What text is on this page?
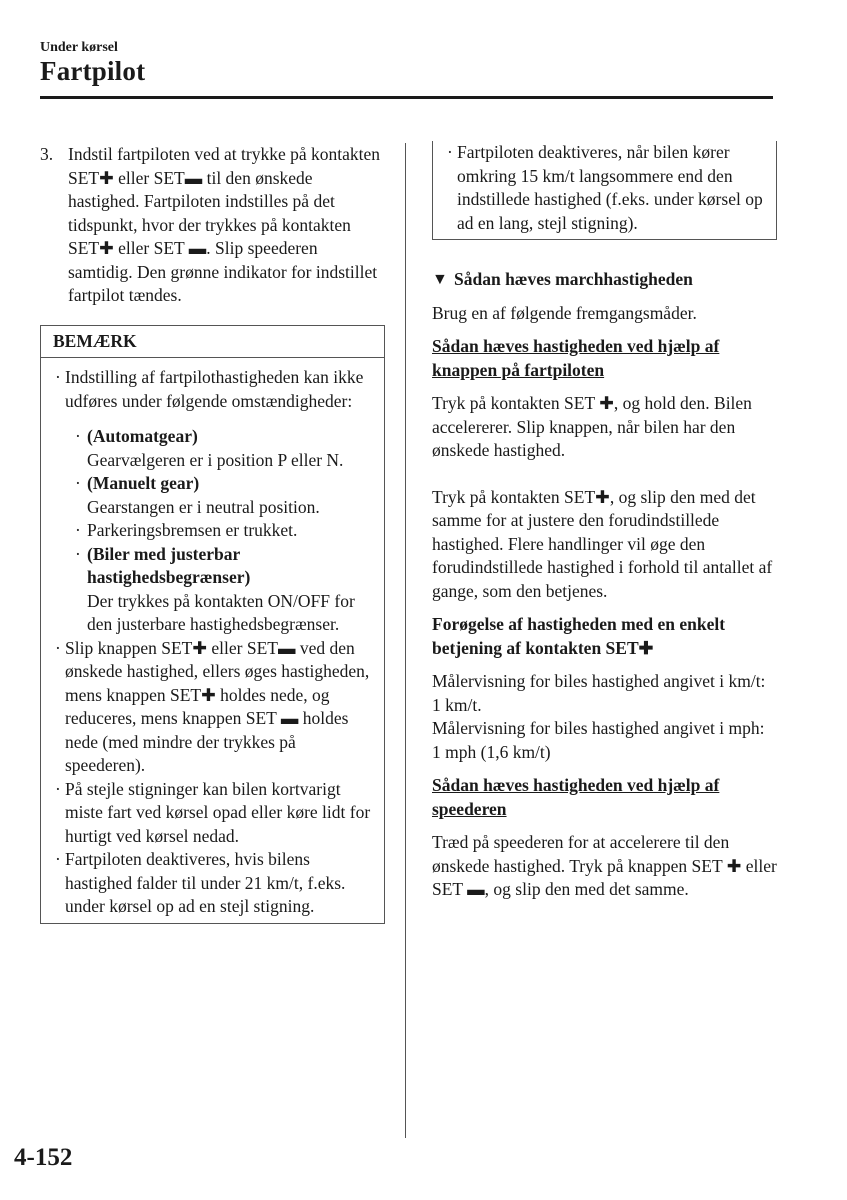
Under kørsel
Fartpilot
3. Indstil fartpiloten ved at trykke på kontakten SET✚ eller SET▬ til den ønskede hastighed. Fartpiloten indstilles på det tidspunkt, hvor der trykkes på kontakten SET✚ eller SET ▬. Slip speederen samtidig. Den grønne indikator for indstillet fartpilot tændes.
BEMÆRK
· Indstilling af fartpilothastigheden kan ikke udføres under følgende omstændigheder:
· (Automatgear)
Gearvælgeren er i position P eller N.
· (Manuelt gear)
Gearstangen er i neutral position.
· Parkeringsbremsen er trukket.
· (Biler med justerbar hastighedsbegrænser)
Der trykkes på kontakten ON/OFF for den justerbare hastighedsbegrænser.
· Slip knappen SET✚ eller SET▬ ved den ønskede hastighed, ellers øges hastigheden, mens knappen SET✚ holdes nede, og reduceres, mens knappen SET ▬ holdes nede (med mindre der trykkes på speederen).
· På stejle stigninger kan bilen kortvarigt miste fart ved kørsel opad eller køre lidt for hurtigt ved kørsel nedad.
· Fartpiloten deaktiveres, hvis bilens hastighed falder til under 21 km/t, f.eks. under kørsel op ad en stejl stigning.
· Fartpiloten deaktiveres, når bilen kører omkring 15 km/t langsommere end den indstillede hastighed (f.eks. under kørsel op ad en lang, stejl stigning).
▼ Sådan hæves marchhastigheden
Brug en af følgende fremgangsmåder.
Sådan hæves hastigheden ved hjælp af knappen på fartpiloten
Tryk på kontakten SET ✚, og hold den. Bilen accelererer. Slip knappen, når bilen har den ønskede hastighed.
Tryk på kontakten SET✚, og slip den med det samme for at justere den forudindstillede hastighed. Flere handlinger vil øge den forudindstillede hastighed i forhold til antallet af gange, som den betjenes.
Forøgelse af hastigheden med en enkelt betjening af kontakten SET✚
Målervisning for biles hastighed angivet i km/t: 1 km/t.
Målervisning for biles hastighed angivet i mph: 1 mph (1,6 km/t)
Sådan hæves hastigheden ved hjælp af speederen
Træd på speederen for at accelerere til den ønskede hastighed. Tryk på knappen SET ✚ eller SET ▬, og slip den med det samme.
4-152
